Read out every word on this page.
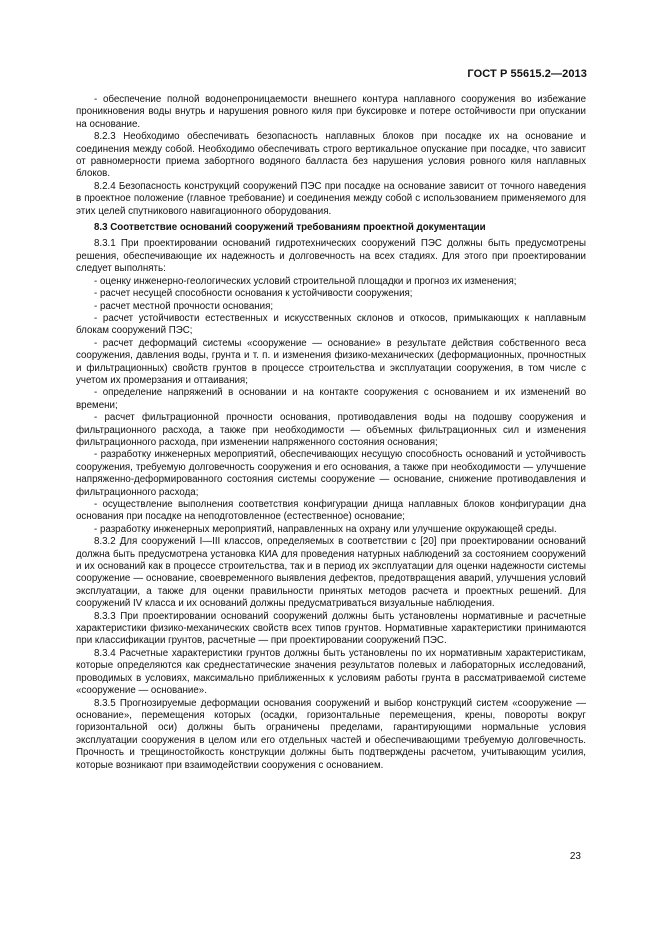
ГОСТ Р 55615.2—2013

- обеспечение полной водонепроницаемости внешнего контура наплавного сооружения во избежание проникновения воды внутрь и нарушения ровного киля при буксировке и потере остойчивости при опускании на основание.

8.2.3 Необходимо обеспечивать безопасность наплавных блоков при посадке их на основание и соединения между собой. Необходимо обеспечивать строго вертикальное опускание при посадке, что зависит от равномерности приема забортного водяного балласта без нарушения условия ровного киля наплавных блоков.

8.2.4 Безопасность конструкций сооружений ПЭС при посадке на основание зависит от точного наведения в проектное положение (главное требование) и соединения между собой с использованием применяемого для этих целей спутникового навигационного оборудования.

8.3 Соответствие оснований сооружений требованиям проектной документации

8.3.1 При проектировании оснований гидротехнических сооружений ПЭС должны быть предусмотрены решения, обеспечивающие их надежность и долговечность на всех стадиях. Для этого при проектировании следует выполнять:

- оценку инженерно-геологических условий строительной площадки и прогноз их изменения;

- расчет несущей способности основания к устойчивости сооружения;

- расчет местной прочности основания;

- расчет устойчивости естественных и искусственных склонов и откосов, примыкающих к наплавным блокам сооружений ПЭС;

- расчет деформаций системы «сооружение — основание» в результате действия собственного веса сооружения, давления воды, грунта и т. п. и изменения физико-механических (деформационных, прочностных и фильтрационных) свойств грунтов в процессе строительства и эксплуатации сооружения, в том числе с учетом их промерзания и оттаивания;

- определение напряжений в основании и на контакте сооружения с основанием и их изменений во времени;

- расчет фильтрационной прочности основания, противодавления воды на подошву сооружения и фильтрационного расхода, а также при необходимости — объемных фильтрационных сил и изменения фильтрационного расхода, при изменении напряженного состояния основания;

- разработку инженерных мероприятий, обеспечивающих несущую способность оснований и устойчивость сооружения, требуемую долговечность сооружения и его основания, а также при необходимости — улучшение напряженно-деформированного состояния системы сооружение — основание, снижение противодавления и фильтрационного расхода;

- осуществление выполнения соответствия конфигурации днища наплавных блоков конфигурации дна основания при посадке на неподготовленное (естественное) основание;

- разработку инженерных мероприятий, направленных на охрану или улучшение окружающей среды.

8.3.2 Для сооружений I—III классов, определяемых в соответствии с [20] при проектировании оснований должна быть предусмотрена установка КИА для проведения натурных наблюдений за состоянием сооружений и их оснований как в процессе строительства, так и в период их эксплуатации для оценки надежности системы сооружение — основание, своевременного выявления дефектов, предотвращения аварий, улучшения условий эксплуатации, а также для оценки правильности принятых методов расчета и проектных решений. Для сооружений IV класса и их оснований должны предусматриваться визуальные наблюдения.

8.3.3 При проектировании оснований сооружений должны быть установлены нормативные и расчетные характеристики физико-механических свойств всех типов грунтов. Нормативные характеристики принимаются при классификации грунтов, расчетные — при проектировании сооружений ПЭС.

8.3.4 Расчетные характеристики грунтов должны быть установлены по их нормативным характеристикам, которые определяются как среднестатические значения результатов полевых и лабораторных исследований, проводимых в условиях, максимально приближенных к условиям работы грунта в рассматриваемой системе «сооружение — основание».

8.3.5 Прогнозируемые деформации основания сооружений и выбор конструкций систем «сооружение — основание», перемещения которых (осадки, горизонтальные перемещения, крены, повороты вокруг горизонтальной оси) должны быть ограничены пределами, гарантирующими нормальные условия эксплуатации сооружения в целом или его отдельных частей и обеспечивающими требуемую долговечность. Прочность и трещиностойкость конструкции должны быть подтверждены расчетом, учитывающим усилия, которые возникают при взаимодействии сооружения с основанием.

23
